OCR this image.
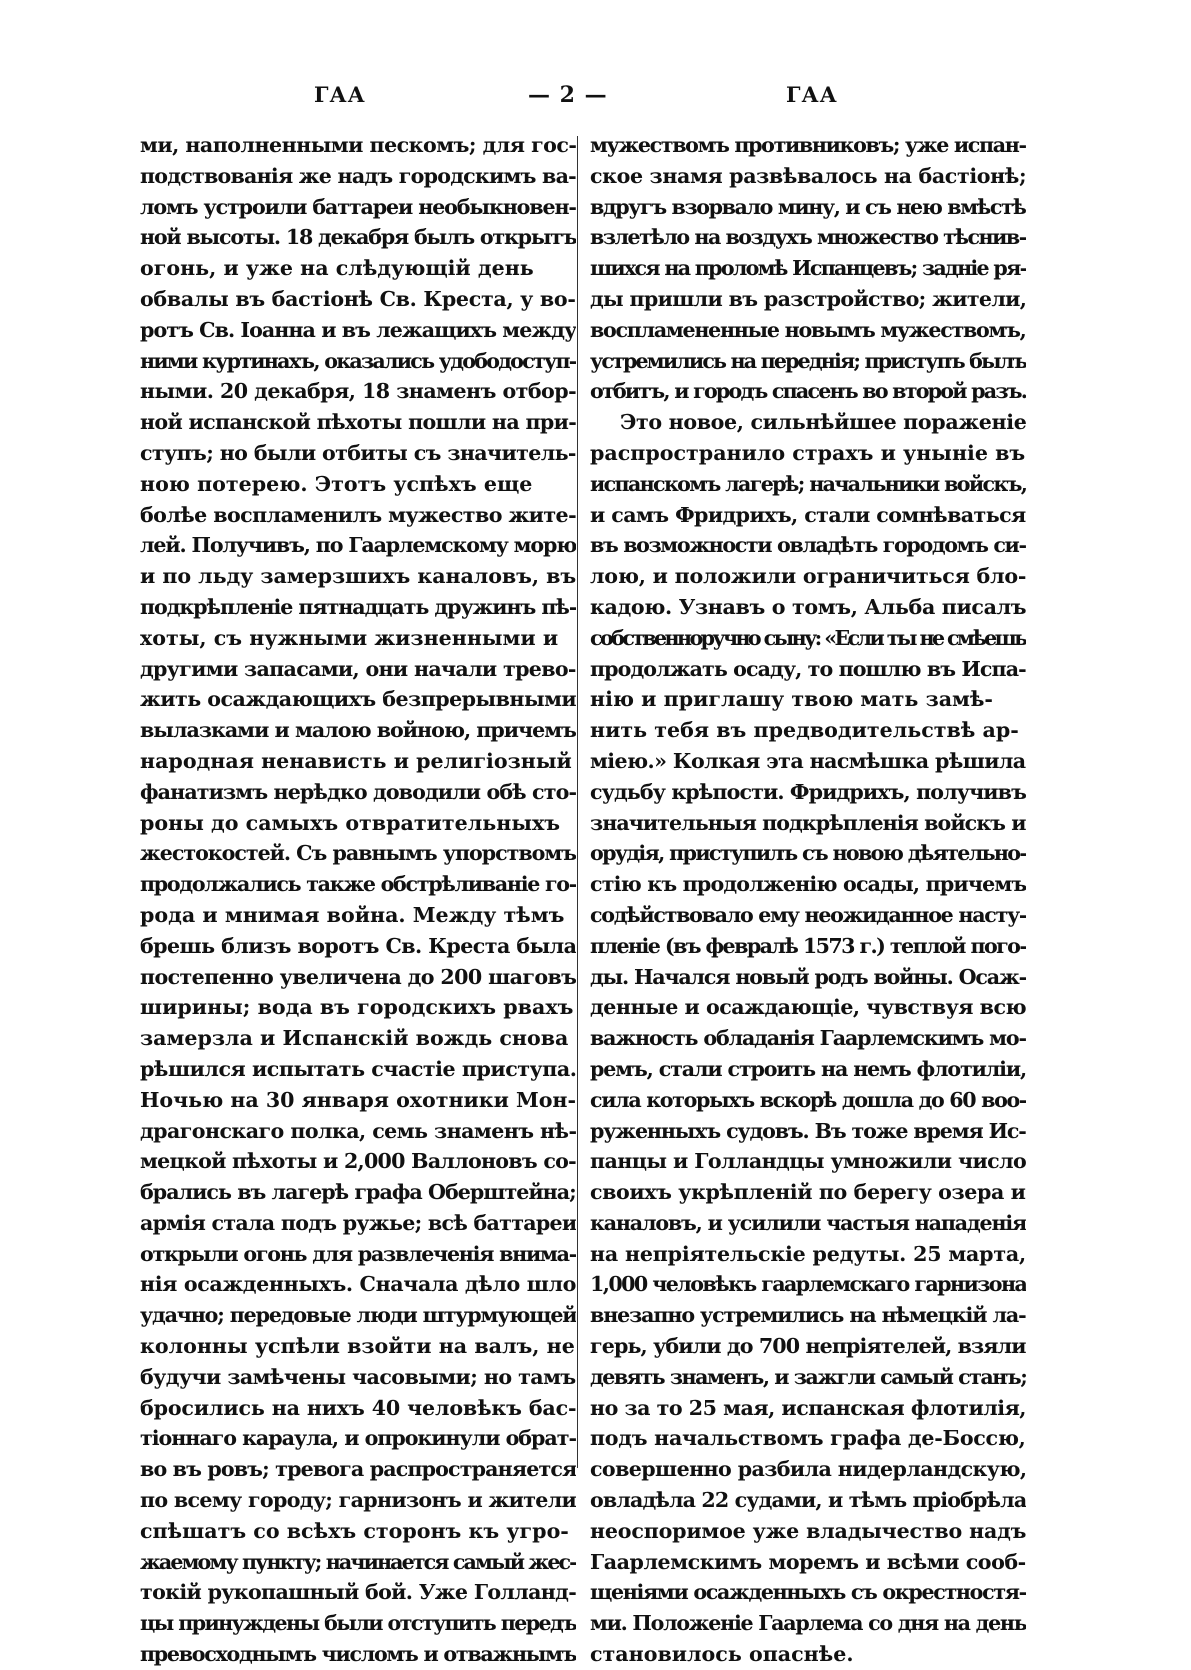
ГАА	— 2 —	ГАА
ми, наполненными пескомъ; для гос-
подствованія же надъ городскимъ ва-
ломъ устроили баттареи необыкновен-
ной высоты. 18 декабря былъ открытъ
огонь, и уже на слѣдующій день
обвалы въ бастіонѣ Св. Креста, у во-
ротъ Св. Іоанна и въ лежащихъ между
ними куртинахъ, оказались удободоступ-
ными. 20 декабря, 18 знаменъ отбор-
ной испанской пѣхоты пошли на при-
ступъ; но были отбиты съ значитель-
ною потерею. Этотъ успѣхъ еще
болѣе воспламенилъ мужество жите-
лей. Получивъ, по Гаарлемскому морю
и по льду замерзшихъ каналовъ, въ
подкрѣпленіе пятнадцать дружинъ пѣ-
хоты, съ нужными жизненными и
другими запасами, они начали трево-
жить осаждающихъ безпрерывными
вылазками и малою войною, причемъ
народная ненависть и религіозный
фанатизмъ нерѣдко доводили обѣ сто-
роны до самыхъ отвратительныхъ
жестокостей. Съ равнымъ упорствомъ
продолжались также обстрѣливаніе го-
рода и мнимая война. Между тѣмъ
брешь близъ воротъ Св. Креста была
постепенно увеличена до 200 шаговъ
ширины; вода въ городскихъ рвахъ
замерзла и Испанскій вождь снова
рѣшился испытать счастіе приступа.
Ночью на 30 января охотники Мон-
драгонскаго полка, семь знаменъ нѣ-
мецкой пѣхоты и 2,000 Валлоновъ со-
брались въ лагерѣ графа Оберштейна;
армія стала подъ ружье; всѣ баттареи
открыли огонь для развлеченія внима-
нія осажденныхъ. Сначала дѣло шло
удачно; передовые люди штурмующей
колонны успѣли взойти на валъ, не
будучи замѣчены часовыми; но тамъ
бросились на нихъ 40 человѣкъ бас-
тіоннаго караула, и опрокинули обрат-
во въ ровъ; тревога распространяется
по всему городу; гарнизонъ и жители
спѣшатъ со всѣхъ сторонъ къ угро-
жаемому пункту; начинается самый жес-
токій рукопашный бой. Уже Голланд-
цы принуждены были отступить передъ
превосходнымъ числомъ и отважнымъ
мужествомъ противниковъ; уже испан-
ское знамя развѣвалось на бастіонѣ;
вдругъ взорвало мину, и съ нею вмѣстѣ
взлетѣло на воздухъ множество тѣснив-
шихся на проломѣ Испанцевъ; задніе ря-
ды пришли въ разстройство; жители,
воспламененные новымъ мужествомъ,
устремились на переднія; приступъ былъ
отбитъ, и городъ спасенъ во второй разъ.
Это новое, сильнѣйшее пораженіе
распространило страхъ и уныніе въ
испанскомъ лагерѣ; начальники войскъ,
и самъ Фридрихъ, стали сомнѣваться
въ возможности овладѣть городомъ си-
лою, и положили ограничиться бло-
кадою. Узнавъ о томъ, Альба писалъ
собственноручно сыну: «Если ты не смѣешь
продолжать осаду, то пошлю въ Испа-
нію и приглашу твою мать замѣ-
нить тебя въ предводительствѣ ар-
міею.» Колкая эта насмѣшка рѣшила
судьбу крѣпости. Фридрихъ, получивъ
значительныя подкрѣпленія войскъ и
орудія, приступилъ съ новою дѣятельно-
стію къ продолженію осады, причемъ
содѣйствовало ему неожиданное насту-
пленіе (въ февралѣ 1573 г.) теплой пого-
ды. Начался новый родъ войны. Осаж-
денные и осаждающіе, чувствуя всю
важность обладанія Гаарлемскимъ мо-
ремъ, стали строить на немъ флотиліи,
сила которыхъ вскорѣ дошла до 60 воо-
руженныхъ судовъ. Въ тоже время Ис-
панцы и Голландцы умножили число
своихъ укрѣпленій по берегу озера и
каналовъ, и усилили частыя нападенія
на непріятельскіе редуты. 25 марта,
1,000 человѣкъ гаарлемскаго гарнизона
внезапно устремились на нѣмецкій ла-
герь, убили до 700 непріятелей, взяли
девять знаменъ, и зажгли самый станъ;
но за то 25 мая, испанская флотилія,
подъ начальствомъ графа де-Боссю,
совершенно разбила нидерландскую,
овладѣла 22 судами, и тѣмъ пріобрѣла
неоспоримое уже владычество надъ
Гаарлемскимъ моремъ и всѣми сооб-
щеніями осажденныхъ съ окрестностя-
ми. Положеніе Гаарлема со дня на день
становилось опаснѣе.
